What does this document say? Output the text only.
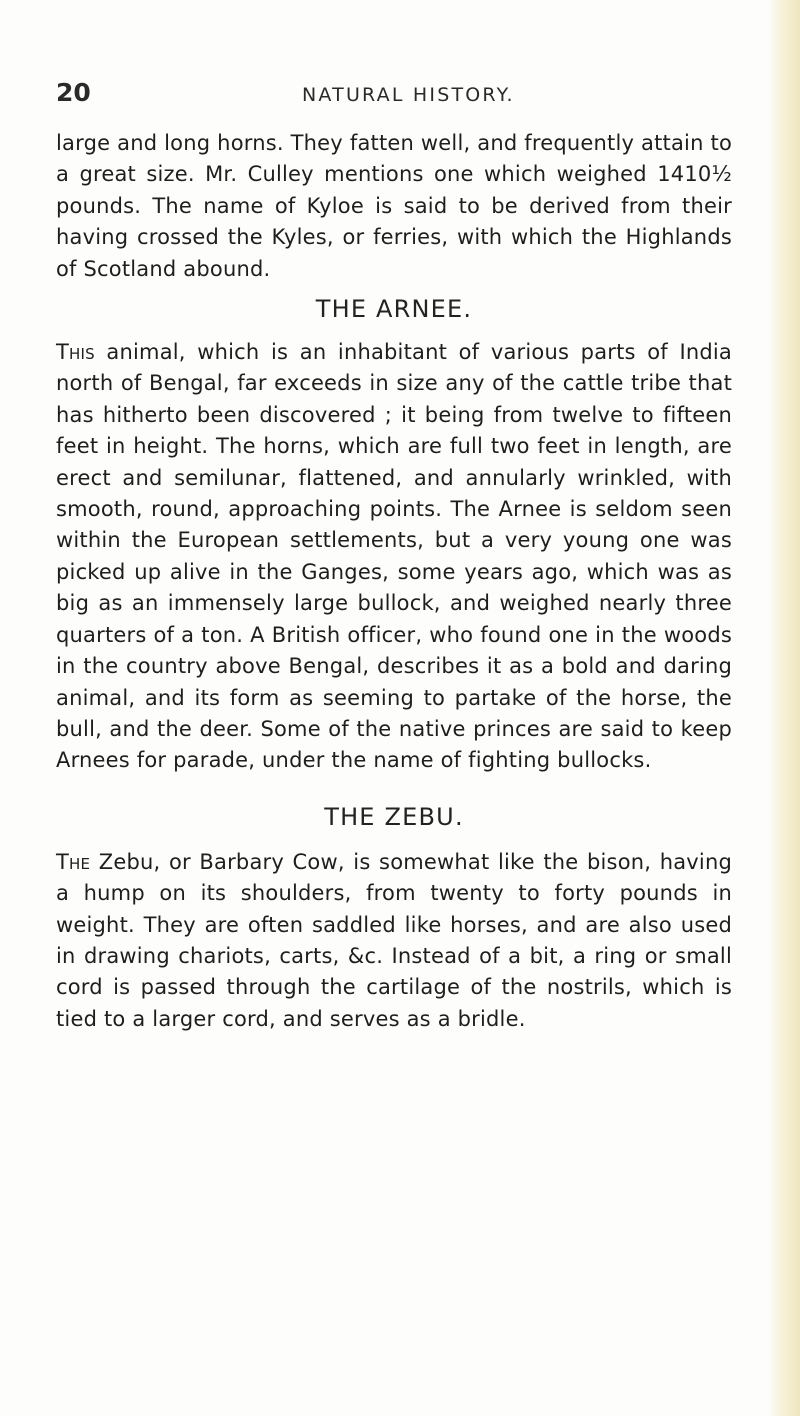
20	NATURAL HISTORY.

large and long horns. They fatten well, and frequently attain to a great size. Mr. Culley mentions one which weighed 1410½ pounds. The name of Kyloe is said to be derived from their having crossed the Kyles, or ferries, with which the Highlands of Scotland abound.

THE ARNEE.

This animal, which is an inhabitant of various parts of India north of Bengal, far exceeds in size any of the cattle tribe that has hitherto been discovered ; it being from twelve to fifteen feet in height. The horns, which are full two feet in length, are erect and semilunar, flattened, and annularly wrinkled, with smooth, round, approaching points. The Arnee is seldom seen within the European settlements, but a very young one was picked up alive in the Ganges, some years ago, which was as big as an immensely large bullock, and weighed nearly three quarters of a ton. A British officer, who found one in the woods in the country above Bengal, describes it as a bold and daring animal, and its form as seeming to partake of the horse, the bull, and the deer. Some of the native princes are said to keep Arnees for parade, under the name of fighting bullocks.

THE ZEBU.

The Zebu, or Barbary Cow, is somewhat like the bison, having a hump on its shoulders, from twenty to forty pounds in weight. They are often saddled like horses, and are also used in drawing chariots, carts, &c. Instead of a bit, a ring or small cord is passed through the cartilage of the nostrils, which is tied to a larger cord, and serves as a bridle.
